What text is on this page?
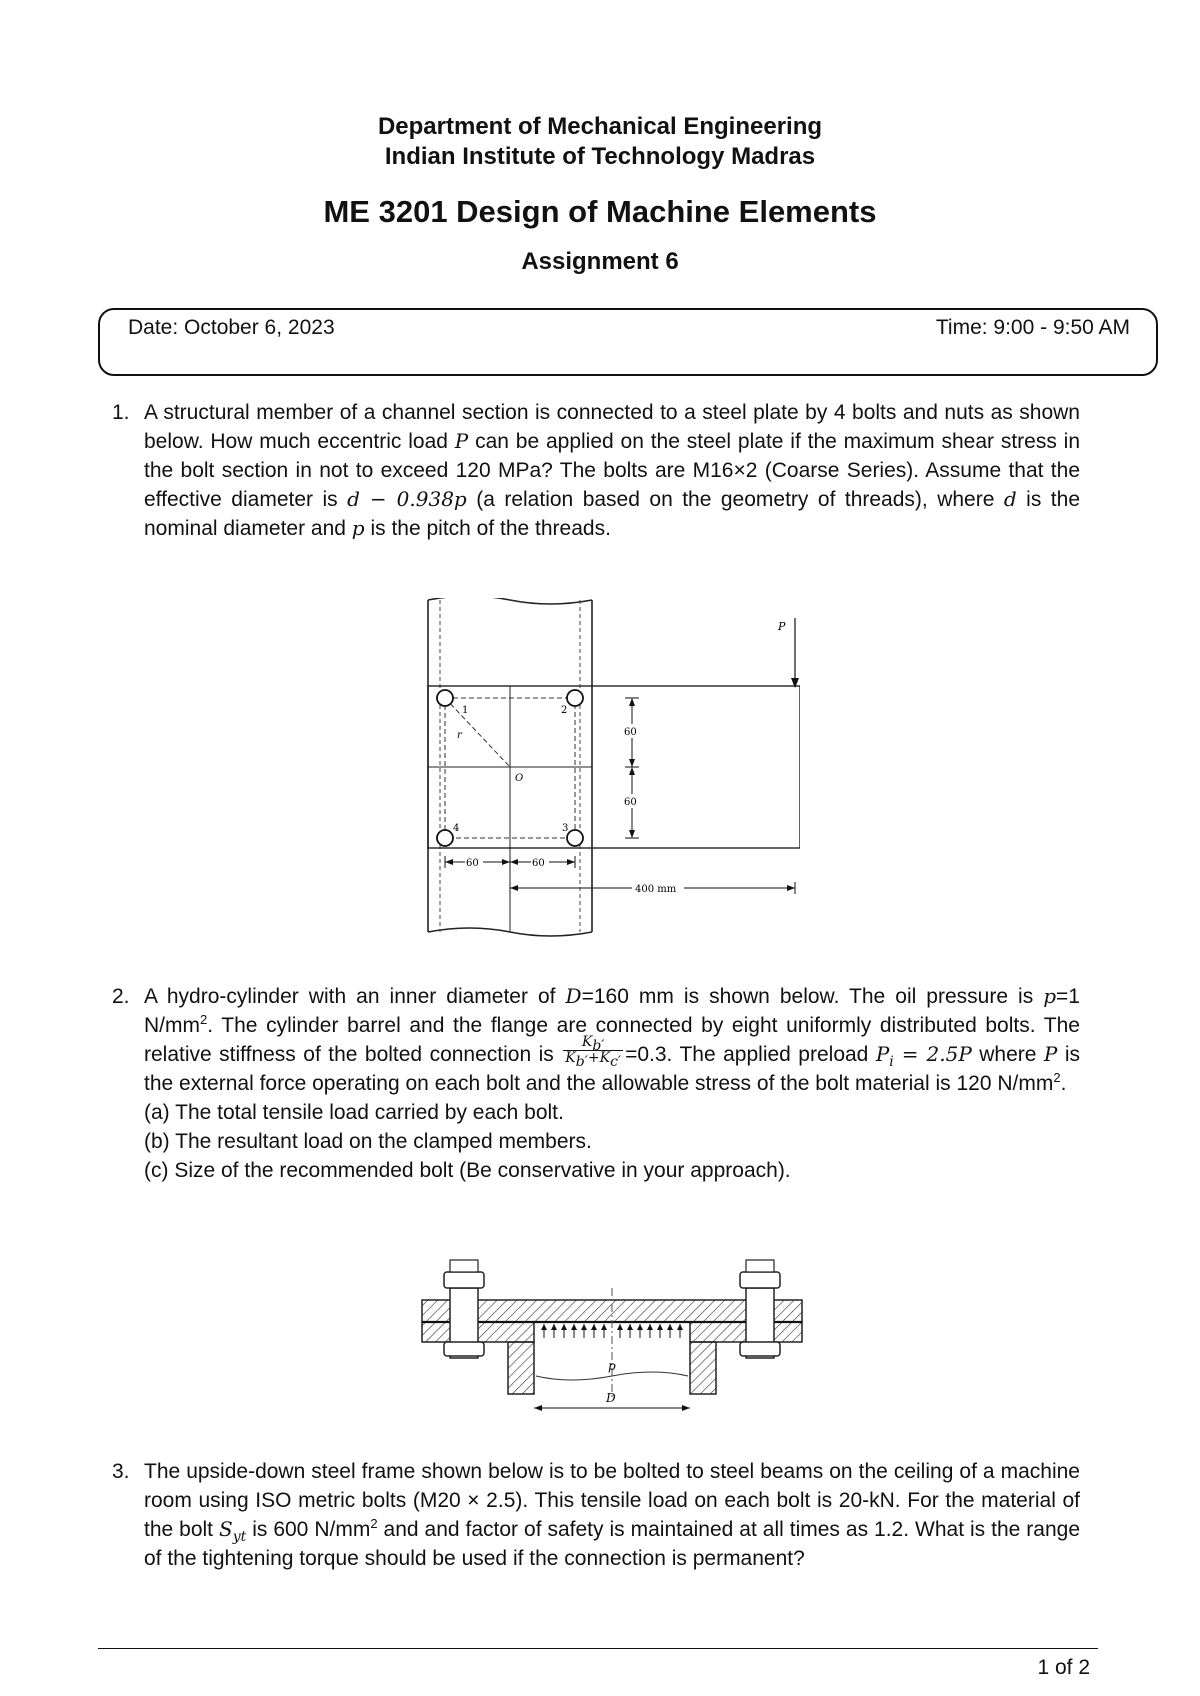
Department of Mechanical Engineering
Indian Institute of Technology Madras
ME 3201 Design of Machine Elements
Assignment 6
Date: October 6, 2023	Time: 9:00 - 9:50 AM
1. A structural member of a channel section is connected to a steel plate by 4 bolts and nuts as shown below. How much eccentric load P can be applied on the steel plate if the maximum shear stress in the bolt section in not to exceed 120 MPa? The bolts are M16×2 (Coarse Series). Assume that the effective diameter is d − 0.938p (a relation based on the geometry of threads), where d is the nominal diameter and p is the pitch of the threads.
1	2
3
4
r
O
P
60
60
60	60
400 mm
2. A hydro-cylinder with an inner diameter of D=160 mm is shown below. The oil pressure is p=1 $N/mm^2$. The cylinder barrel and the flange are connected by eight uniformly distributed bolts. The relative stiffness of the bolted connection is $\frac{Kb'}{Kb'+Kc'} =0.3$. The applied preload $P_i = 2.5P$ where P is the external force operating on each bolt and the allowable stress of the bolt material is 120 $N/mm^2$.
(a) The total tensile load carried by each bolt.
(b) The resultant load on the clamped members.
(c) Size of the recommended bolt (Be conservative in your approach).
p
D
3. The upside-down steel frame shown below is to be bolted to steel beams on the ceiling of a machine room using ISO metric bolts (M20 × 2.5). This tensile load on each bolt is 20-kN. For the material of the bolt $S_{yt}$ is 600 $N/mm^2$ and and factor of safety is maintained at all times as 1.2. What is the range of the tightening torque should be used if the connection is permanent?
1 of 2
